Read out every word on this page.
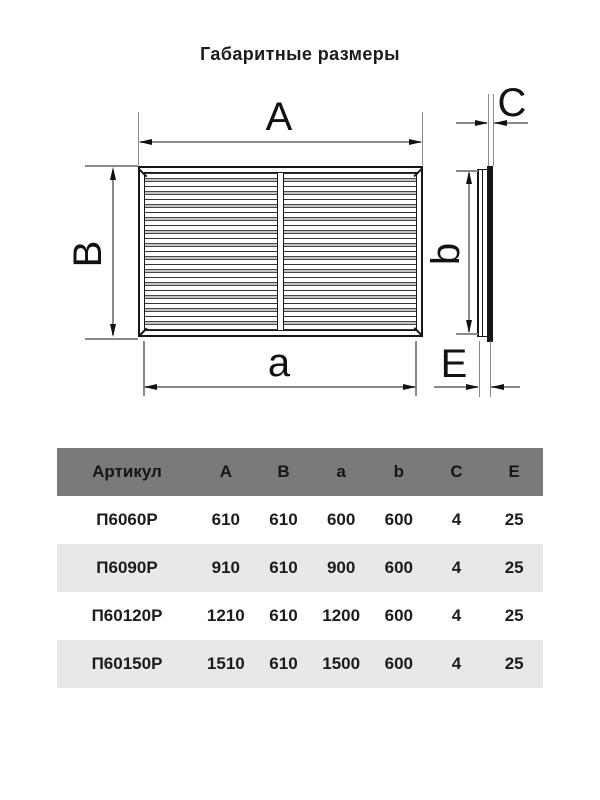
Габаритные размеры
A
B
a
C
b
E
Артикул	A	B	a	b	C	E
П6060Р	610	610	600	600	4	25
П6090Р	910	610	900	600	4	25
П60120Р	1210	610	1200	600	4	25
П60150Р	1510	610	1500	600	4	25
